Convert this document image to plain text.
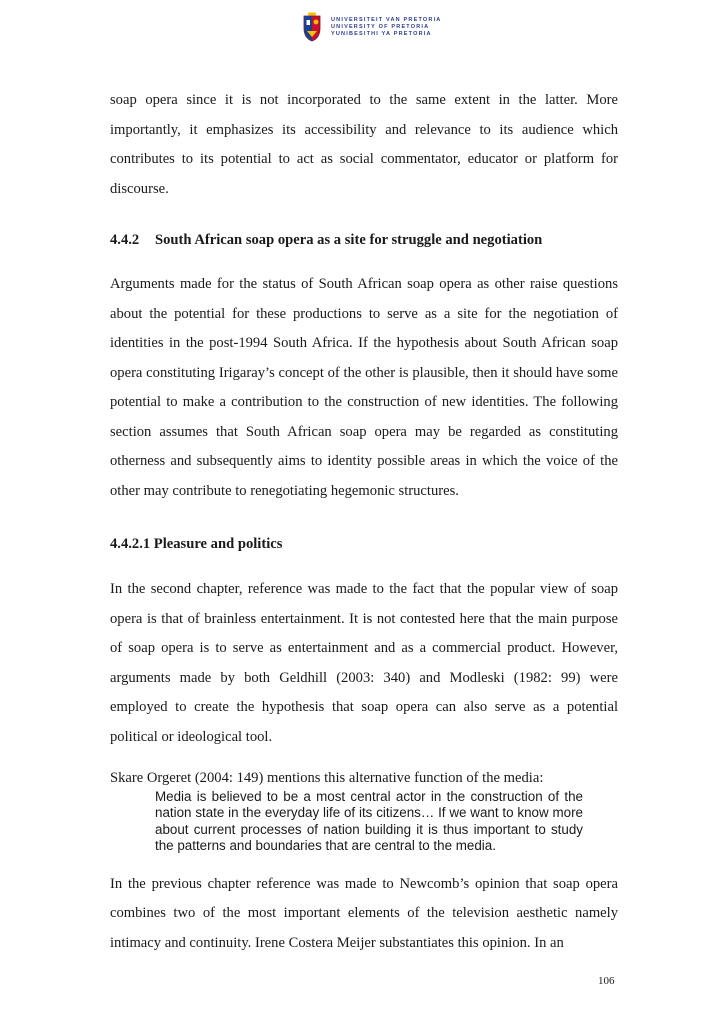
UNIVERSITEIT VAN PRETORIA
UNIVERSITY OF PRETORIA
YUNIBESITHI YA PRETORIA

soap opera since it is not incorporated to the same extent in the latter. More importantly, it emphasizes its accessibility and relevance to its audience which contributes to its potential to act as social commentator, educator or platform for discourse.

4.4.2 South African soap opera as a site for struggle and negotiation

Arguments made for the status of South African soap opera as other raise questions about the potential for these productions to serve as a site for the negotiation of identities in the post-1994 South Africa. If the hypothesis about South African soap opera constituting Irigaray’s concept of the other is plausible, then it should have some potential to make a contribution to the construction of new identities. The following section assumes that South African soap opera may be regarded as constituting otherness and subsequently aims to identity possible areas in which the voice of the other may contribute to renegotiating hegemonic structures.

4.4.2.1 Pleasure and politics

In the second chapter, reference was made to the fact that the popular view of soap opera is that of brainless entertainment. It is not contested here that the main purpose of soap opera is to serve as entertainment and as a commercial product. However, arguments made by both Geldhill (2003: 340) and Modleski (1982: 99) were employed to create the hypothesis that soap opera can also serve as a potential political or ideological tool.

Skare Orgeret (2004: 149) mentions this alternative function of the media:

Media is believed to be a most central actor in the construction of the nation state in the everyday life of its citizens… If we want to know more about current processes of nation building it is thus important to study the patterns and boundaries that are central to the media.

In the previous chapter reference was made to Newcomb’s opinion that soap opera combines two of the most important elements of the television aesthetic namely intimacy and continuity. Irene Costera Meijer substantiates this opinion. In an

106
